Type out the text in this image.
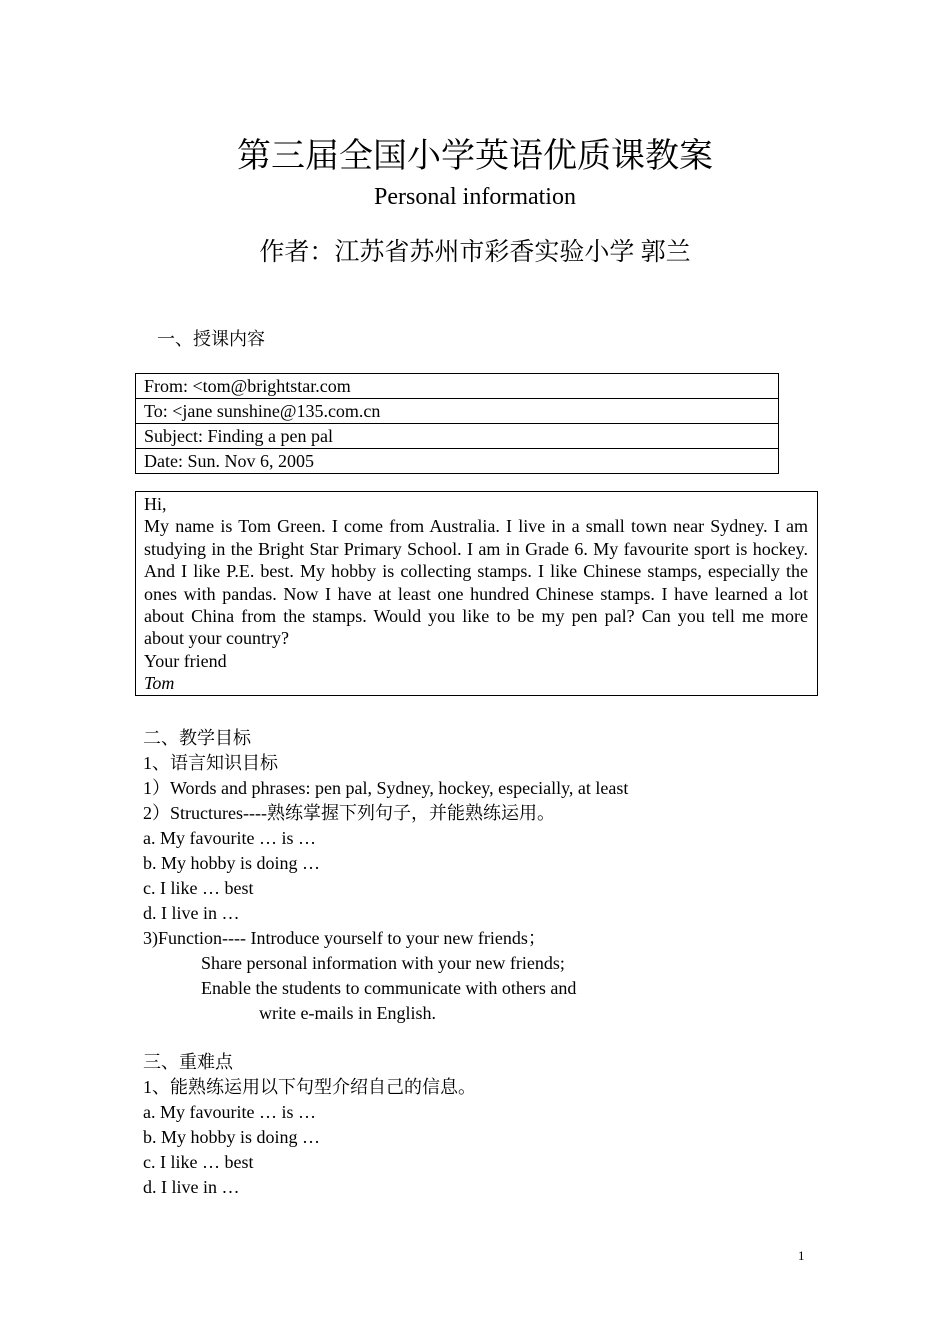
第三届全国小学英语优质课教案
Personal information
作者：江苏省苏州市彩香实验小学 郭兰
一、授课内容
From: <tom@brightstar.com
To: <jane sunshine@135.com.cn
Subject: Finding a pen pal
Date: Sun. Nov 6, 2005
Hi,
My name is Tom Green. I come from Australia. I live in a small town near Sydney. I am studying in the Bright Star Primary School. I am in Grade 6. My favourite sport is hockey. And I like P.E. best. My hobby is collecting stamps. I like Chinese stamps, especially the ones with pandas. Now I have at least one hundred Chinese stamps. I have learned a lot about China from the stamps. Would you like to be my pen pal? Can you tell me more about your country?
Your friend
Tom
二、教学目标
1、语言知识目标
1）Words and phrases: pen pal, Sydney, hockey, especially, at least
2）Structures----熟练掌握下列句子，并能熟练运用。
a. My favourite … is …
b. My hobby is doing …
c. I like … best
d. I live in …
3)Function---- Introduce yourself to your new friends；
Share personal information with your new friends;
Enable the students to communicate with others and
write e-mails in English.
三、重难点
1、能熟练运用以下句型介绍自己的信息。
a. My favourite … is …
b. My hobby is doing …
c. I like … best
d. I live in …
1
